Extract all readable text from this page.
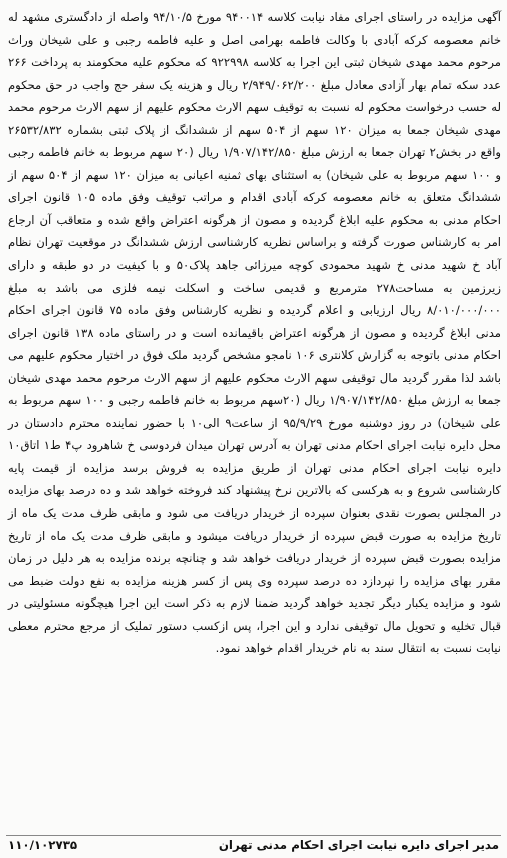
آگهی مزایده در راستای اجرای مفاد نیابت کلاسه ۹۴۰۰۱۴ مورخ ۹۴/۱۰/۵ واصله از دادگستری مشهد له خانم معصومه کرکه آبادی با وکالت فاطمه بهرامی اصل و علیه فاطمه رجبی و علی شیخان وراث مرحوم محمد مهدی شیخان ثبتی این اجرا به کلاسه ۹۲۲۹۹۸ که محکوم علیه محکومند به پرداخت ۲۶۶ عدد سکه تمام بهار آزادی معادل مبلغ ۲/۹۴۹/۰۶۲/۲۰۰ ریال و هزینه یک سفر حج واجب در حق محکوم له حسب درخواست محکوم له نسبت به توقیف سهم الارث محکوم علیهم از سهم الارث مرحوم محمد مهدی شیخان جمعا به میزان ۱۲۰ سهم از ۵۰۴ سهم از ششدانگ از پلاک ثبتی بشماره ۲۶۵۳۲/۸۳۲ واقع در بخش۲ تهران جمعا به ارزش مبلغ ۱/۹۰۷/۱۴۲/۸۵۰ ریال (۲۰ سهم مربوط به خانم فاطمه رجبی و ۱۰۰ سهم مربوط به علی شیخان) به استثنای بهای ثمنیه اعیانی به میزان ۱۲۰ سهم از ۵۰۴ سهم از ششدانگ متعلق به خانم معصومه کرکه آبادی اقدام و مراتب توقیف وفق ماده ۱۰۵ قانون اجرای احکام مدنی به محکوم علیه ابلاغ گردیده و مصون از هرگونه اعتراض واقع شده و متعاقب آن ارجاع امر به کارشناس صورت گرفته و براساس نظریه کارشناسی ارزش ششدانگ در موقعیت تهران نظام آباد خ شهید مدنی خ شهید محمودی کوچه میرزائی جاهد پلاک۵۰ و با کیفیت در دو طبقه و دارای زیرزمین به مساحت۲۷۸ مترمربع و قدیمی ساخت و اسکلت نیمه فلزی می باشد به مبلغ ۸/۰۱۰/۰۰۰/۰۰۰ ریال ارزیابی و اعلام گردیده و نظریه کارشناس وفق ماده ۷۵ قانون اجرای احکام مدنی ابلاغ گردیده و مصون از هرگونه اعتراض باقیمانده است و در راستای ماده ۱۳۸ قانون اجرای احکام مدنی باتوجه به گزارش کلانتری ۱۰۶ نامجو مشخص گردید ملک فوق در اختیار محکوم علیهم می باشد لذا مقرر گردید مال توقیفی سهم الارث محکوم علیهم از سهم الارث مرحوم محمد مهدی شیخان جمعا به ارزش مبلغ ۱/۹۰۷/۱۴۲/۸۵۰ ریال (۲۰سهم مربوط به خانم فاطمه رجبی و ۱۰۰ سهم مربوط به علی شیخان) در روز دوشنبه مورخ ۹۵/۹/۲۹ از ساعت۹ الی۱۰ با حضور نماینده محترم دادستان در محل دایره نیابت اجرای احکام مدنی تهران به آدرس تهران میدان فردوسی خ شاهرود پ۴ ط۱ اتاق۱۰ دایره نیابت اجرای احکام مدنی تهران از طریق مزایده به فروش برسد مزایده از قیمت پایه کارشناسی شروع و به هرکسی که بالاترین نرخ پیشنهاد کند فروخته خواهد شد و ده درصد بهای مزایده در المجلس بصورت نقدی بعنوان سپرده از خریدار دریافت می شود و مابقی ظرف مدت یک ماه از تاریخ مزایده به صورت قبض سپرده از خریدار دریافت میشود و مابقی ظرف مدت یک ماه از تاریخ مزایده بصورت قبض سپرده از خریدار دریافت خواهد شد و چنانچه برنده مزایده به هر دلیل در زمان مقرر بهای مزایده را نپردازد ده درصد سپرده وی پس از کسر هزینه مزایده به نفع دولت ضبط می شود و مزایده یکبار دیگر تجدید خواهد گردید ضمنا لازم به ذکر است این اجرا هیچگونه مسئولیتی در قبال تخلیه و تحویل مال توقیفی ندارد و این اجرا، پس ازکسب دستور تملیک از مرجع محترم معطی نیابت نسبت به انتقال سند به نام خریدار اقدام خواهد نمود.

مدیر اجرای دایره نیابت اجرای احکام مدنی تهران
۱۱۰/۱۰۲۷۳۵
